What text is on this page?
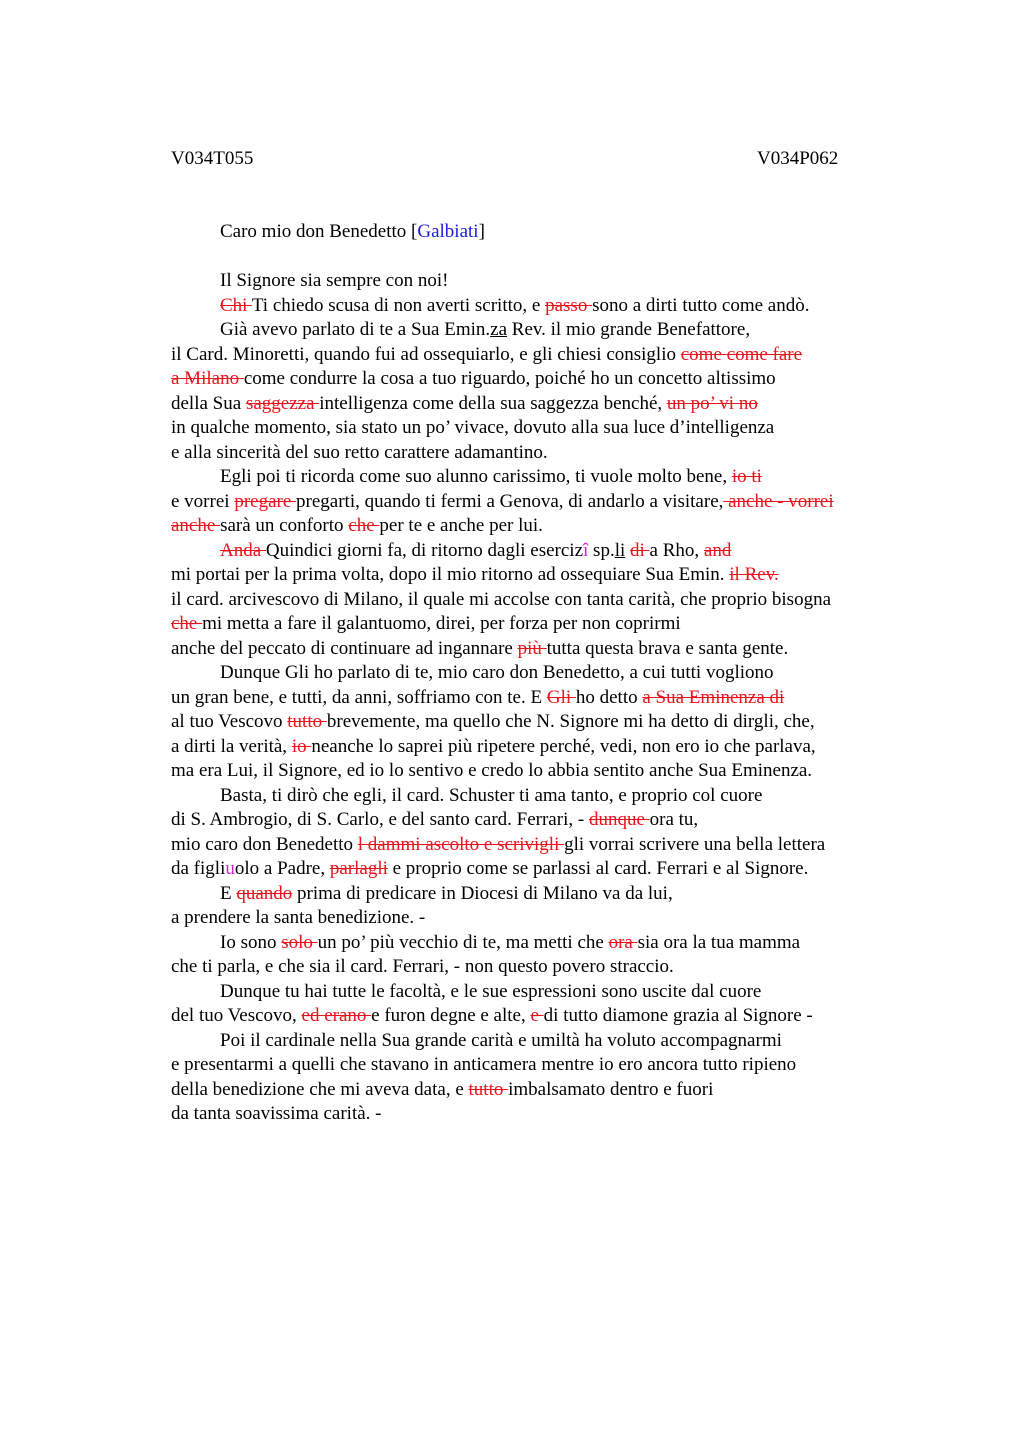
V034T055	V034P062
Caro mio don Benedetto [Galbiati]
Il Signore sia sempre con noi!
Chi Ti chiedo scusa di non averti scritto, e passo sono a dirti tutto come andò.
Già avevo parlato di te a Sua Emin.za Rev. il mio grande Benefattore,
il Card. Minoretti, quando fui ad ossequiarlo, e gli chiesi consiglio come come fare
a Milano come condurre la cosa a tuo riguardo, poiché ho un concetto altissimo
della Sua saggezza intelligenza come della sua saggezza benché, un po’ vi no
in qualche momento, sia stato un po’ vivace, dovuto alla sua luce d’intelligenza
e alla sincerità del suo retto carattere adamantino.
Egli poi ti ricorda come suo alunno carissimo, ti vuole molto bene, io ti
e vorrei pregare pregarti, quando ti fermi a Genova, di andarlo a visitare, anche - vorrei
anche sarà un conforto che per te e anche per lui.
Anda Quindici giorni fa, di ritorno dagli esercizî sp.li di a Rho, and
mi portai per la prima volta, dopo il mio ritorno ad ossequiare Sua Emin. il Rev.
il card. arcivescovo di Milano, il quale mi accolse con tanta carità, che proprio bisogna
che mi metta a fare il galantuomo, direi, per forza per non coprirmi
anche del peccato di continuare ad ingannare più tutta questa brava e santa gente.
Dunque Gli ho parlato di te, mio caro don Benedetto, a cui tutti vogliono
un gran bene, e tutti, da anni, soffriamo con te. E Gli ho detto a Sua Eminenza di
al tuo Vescovo tutto brevemente, ma quello che N. Signore mi ha detto di dirgli, che,
a dirti la verità, io neanche lo saprei più ripetere perché, vedi, non ero io che parlava,
ma era Lui, il Signore, ed io lo sentivo e credo lo abbia sentito anche Sua Eminenza.
Basta, ti dirò che egli, il card. Schuster ti ama tanto, e proprio col cuore
di S. Ambrogio, di S. Carlo, e del santo card. Ferrari, - dunque ora tu,
mio caro don Benedetto l dammi ascolto e scrivigli gli vorrai scrivere una bella lettera
da figliuolo a Padre, parlagli e proprio come se parlassi al card. Ferrari e al Signore.
E quando prima di predicare in Diocesi di Milano va da lui,
a prendere la santa benedizione. -
Io sono solo un po’ più vecchio di te, ma metti che ora sia ora la tua mamma
che ti parla, e che sia il card. Ferrari, - non questo povero straccio.
Dunque tu hai tutte le facoltà, e le sue espressioni sono uscite dal cuore
del tuo Vescovo, ed erano e furon degne e alte, e di tutto diamone grazia al Signore -
Poi il cardinale nella Sua grande carità e umiltà ha voluto accompagnarmi
e presentarmi a quelli che stavano in anticamera mentre io ero ancora tutto ripieno
della benedizione che mi aveva data, e tutto imbalsamato dentro e fuori
da tanta soavissima carità. -
